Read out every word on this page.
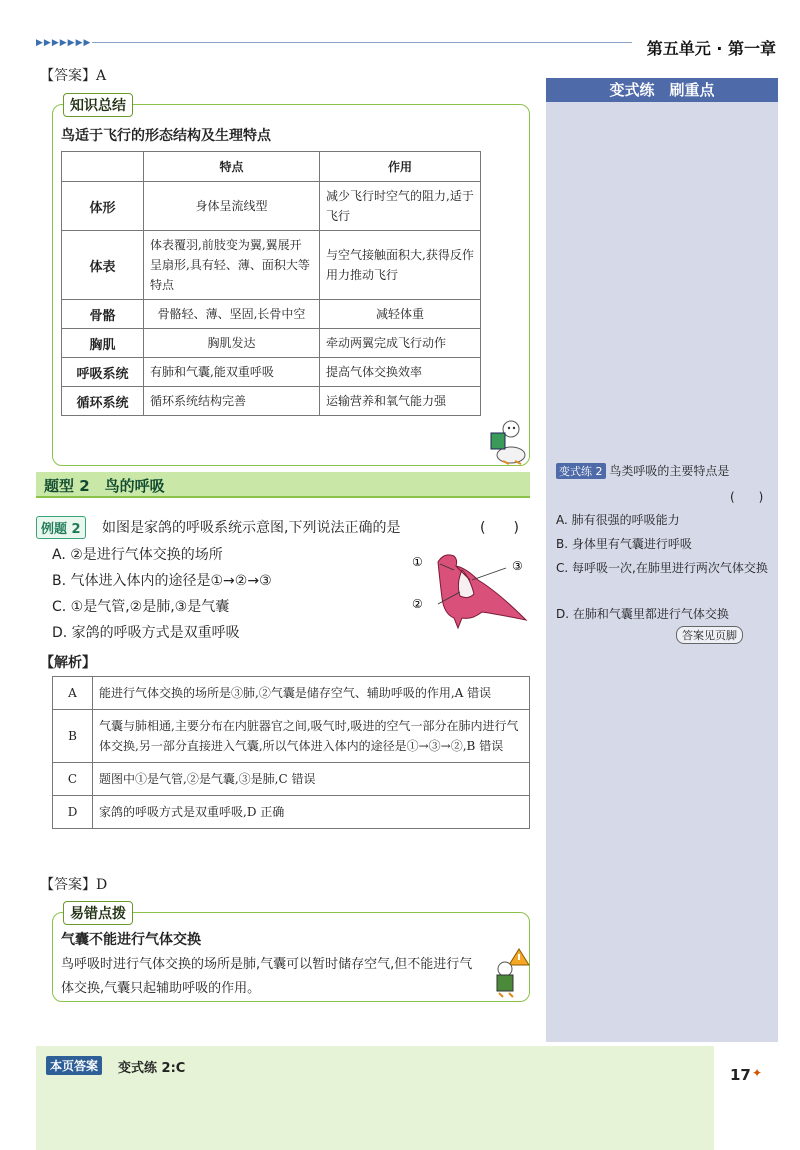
▶▶▶▶▶▶▶	第五单元 · 第一章
【答案】A
知识总结
鸟适于飞行的形态结构及生理特点
	特点	作用
体形	身体呈流线型	减少飞行时空气的阻力,适于飞行
体表	体表覆羽,前肢变为翼,翼展开呈扇形,具有轻、薄、面积大等特点	与空气接触面积大,获得反作用力推动飞行
骨骼	骨骼轻、薄、坚固,长骨中空	减轻体重
胸肌	胸肌发达	牵动两翼完成飞行动作
呼吸系统	有肺和气囊,能双重呼吸	提高气体交换效率
循环系统	循环系统结构完善	运输营养和氧气能力强
题型 2　鸟的呼吸
例题 2	如图是家鸽的呼吸系统示意图,下列说法正确的是	(　　)
A. ②是进行气体交换的场所
B. 气体进入体内的途径是①→②→③
C. ①是气管,②是肺,③是气囊
D. 家鸽的呼吸方式是双重呼吸
①	③
②
【解析】
A	能进行气体交换的场所是③肺,②气囊是储存空气、辅助呼吸的作用,A 错误
B	气囊与肺相通,主要分布在内脏器官之间,吸气时,吸进的空气一部分在肺内进行气体交换,另一部分直接进入气囊,所以气体进入体内的途径是①→③→②,B 错误
C	题图中①是气管,②是气囊,③是肺,C 错误
D	家鸽的呼吸方式是双重呼吸,D 正确
【答案】D
易错点拨
气囊不能进行气体交换
鸟呼吸时进行气体交换的场所是肺,气囊可以暂时储存空气,但不能进行气体交换,气囊只起辅助呼吸的作用。
变式练　刷重点
变式练 2 鸟类呼吸的主要特点是
(　　)
A. 肺有很强的呼吸能力
B. 身体里有气囊进行呼吸
C. 每呼吸一次,在肺里进行两次气体交换
D. 在肺和气囊里都进行气体交换
答案见页脚
本页答案	变式练 2:C	17 ✦
